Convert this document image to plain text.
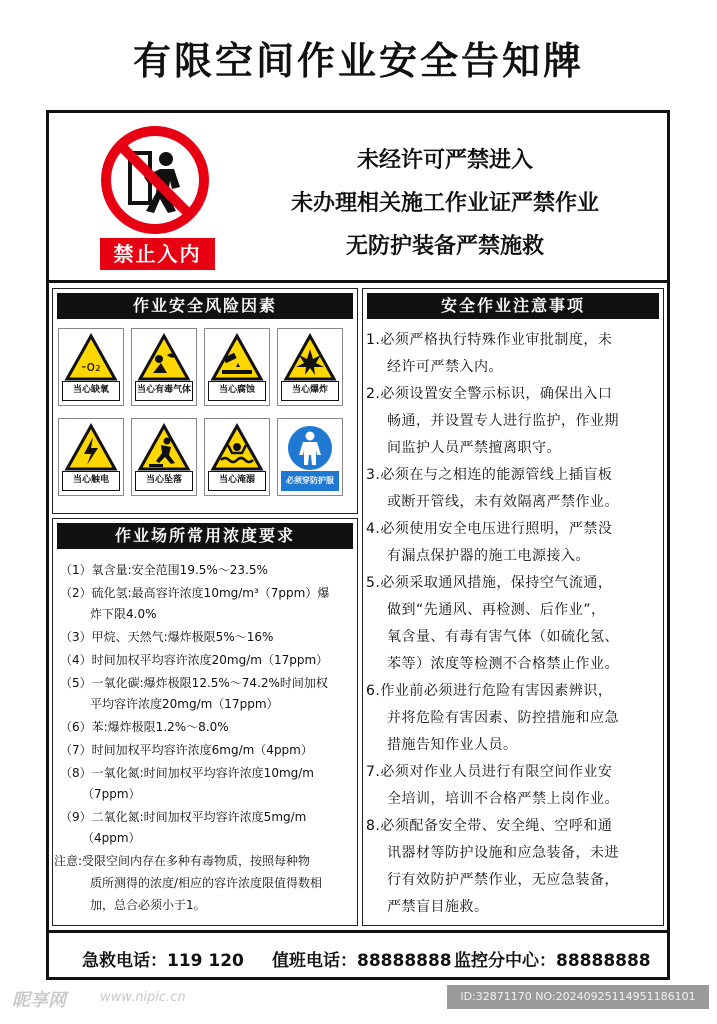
有限空间作业安全告知牌
禁止入内
未经许可严禁进入
未办理相关施工作业证严禁作业
无防护装备严禁施救
作业安全风险因素
-o₂
当心缺氧	当心有毒气体	当心腐蚀	当心爆炸
当心触电	当心坠落	当心淹溺	必须穿防护服
作业场所常用浓度要求
（1）氧含量:安全范围19.5%～23.5%
（2）硫化氢:最高容许浓度10mg/m³（7ppm）爆
炸下限4.0%
（3）甲烷、天然气:爆炸极限5%～16%
（4）时间加权平均容许浓度20mg/m（17ppm）
（5）一氧化碳:爆炸极限12.5%～74.2%时间加权
平均容许浓度20mg/m（17ppm）
（6）苯:爆炸极限1.2%～8.0%
（7）时间加权平均容许浓度6mg/m（4ppm）
（8）一氧化氮:时间加权平均容许浓度10mg/m
（7ppm）
（9）二氧化氮:时间加权平均容许浓度5mg/m
（4ppm）
注意:受限空间内存在多种有毒物质，按照每种物
质所测得的浓度/相应的容许浓度限值得数相
加，总合必须小于1。
安全作业注意事项
1.必须严格执行特殊作业审批制度，未
经许可严禁入内。
2.必须设置安全警示标识，确保出入口
畅通，并设置专人进行监护，作业期
间监护人员严禁擅离职守。
3.必须在与之相连的能源管线上插盲板
或断开管线，未有效隔离严禁作业。
4.必须使用安全电压进行照明，严禁没
有漏点保护器的施工电源接入。
5.必须采取通风措施，保持空气流通，
做到“先通风、再检测、后作业”，
氧含量、有毒有害气体（如硫化氢、
苯等）浓度等检测不合格禁止作业。
6.作业前必须进行危险有害因素辨识，
并将危险有害因素、防控措施和应急
措施告知作业人员。
7.必须对作业人员进行有限空间作业安
全培训，培训不合格严禁上岗作业。
8.必须配备安全带、安全绳、空呼和通
讯器材等防护设施和应急装备，未进
行有效防护严禁作业，无应急装备，
严禁盲目施救。
急救电话：119 120 值班电话：88888888 监控分中心：88888888
昵享网	www.nipic.cn	ID:32871170 NO:20240925114951186101
